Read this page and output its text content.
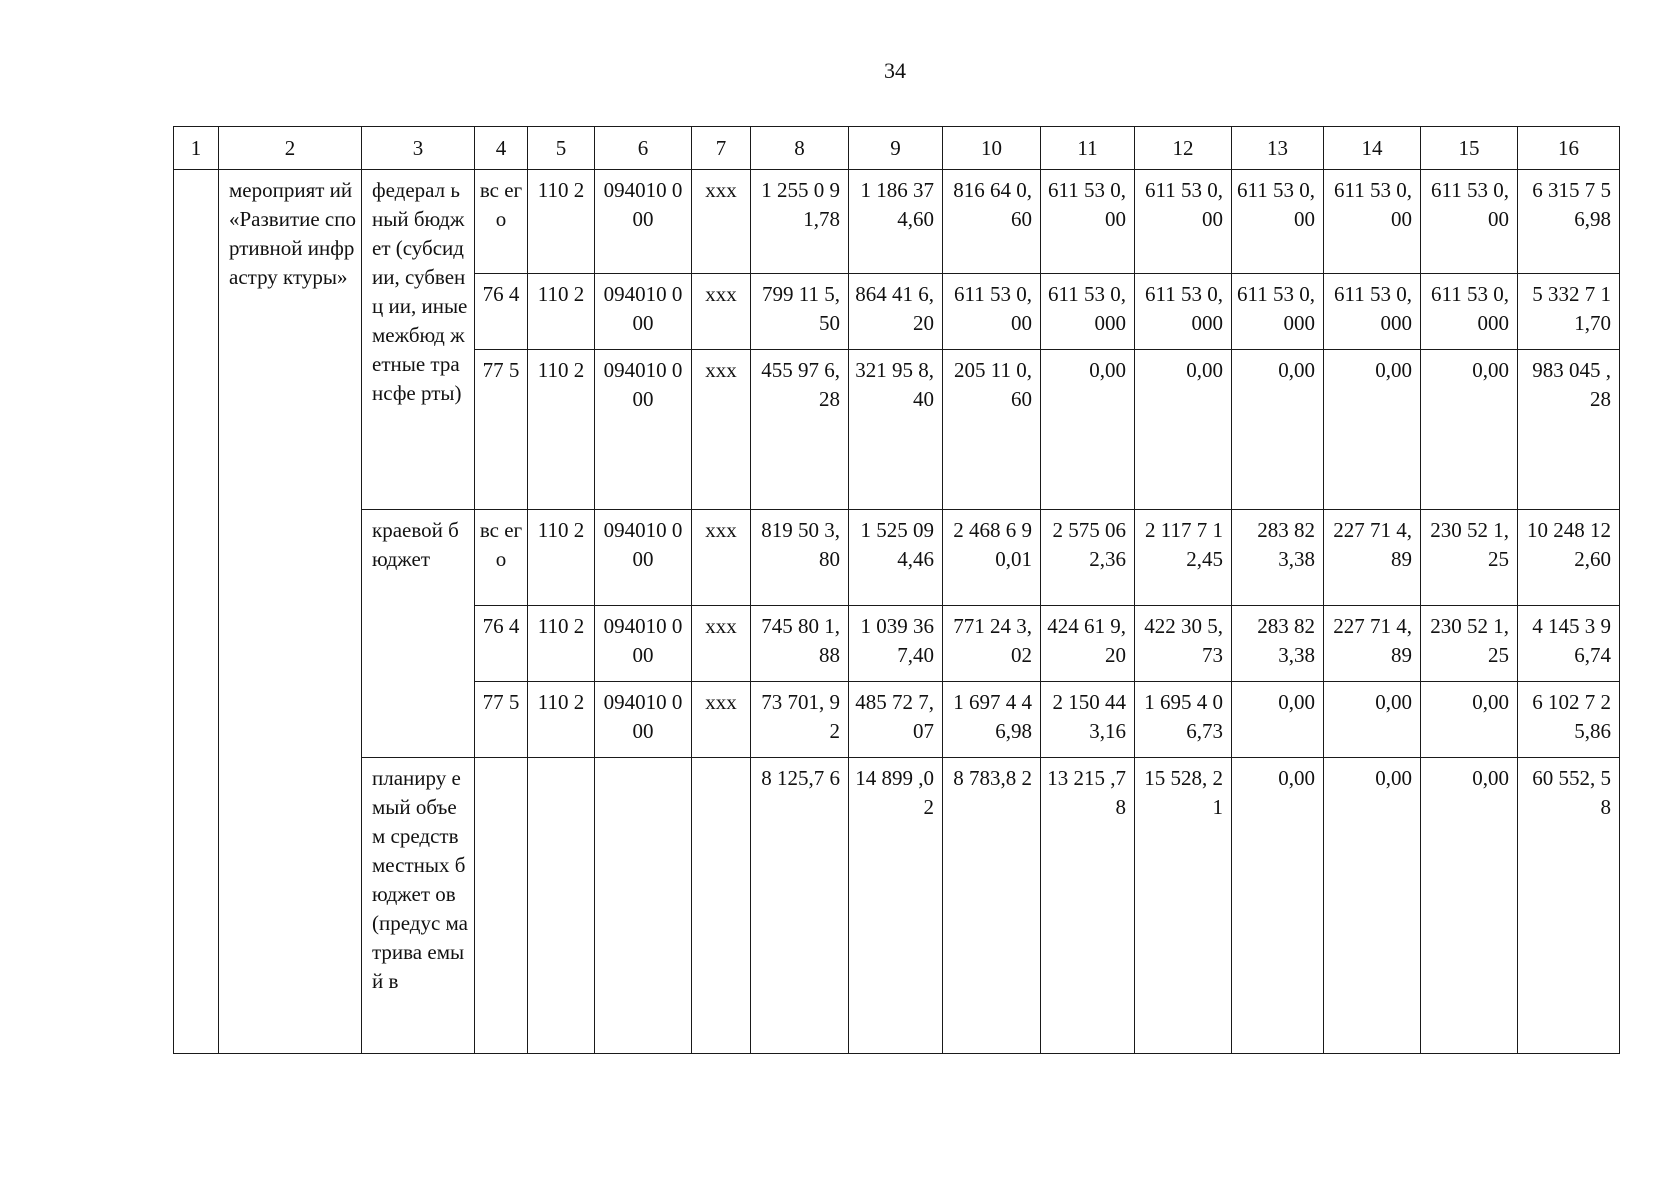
34
1	2	3	4	5	6	7	8	9	10	11	12	13	14	15	16
	мероприят ий «Развитие спортивной инфрастру ктуры»	федерал ьный бюджет (субсид ии, субвенц ии, иные межбюд жетные трансфе рты)	вс ег о	110 2	094010 000	xxx	1 255 0 91,78	1 186 374,60	816 64 0,60	611 53 0,00	611 53 0,00	611 53 0,00	611 53 0,00	611 53 0,00	6 315 7 56,98
			76 4	110 2	094010 000	xxx	799 11 5,50	864 41 6,20	611 53 0,00	611 53 0,000	611 53 0,000	611 53 0,000	611 53 0,000	611 53 0,000	5 332 7 11,70
			77 5	110 2	094010 000	xxx	455 97 6,28	321 95 8,40	205 11 0,60	0,00	0,00	0,00	0,00	0,00	983 045 ,28
		краевой бюджет	вс ег о	110 2	094010 000	xxx	819 50 3,80	1 525 094,46	2 468 6 90,01	2 575 062,36	2 117 7 12,45	283 82 3,38	227 71 4,89	230 52 1,25	10 248 122,60
			76 4	110 2	094010 000	xxx	745 80 1,88	1 039 367,40	771 24 3,02	424 61 9,20	422 30 5,73	283 82 3,38	227 71 4,89	230 52 1,25	4 145 3 96,74
			77 5	110 2	094010 000	xxx	73 701, 92	485 72 7,07	1 697 4 46,98	2 150 443,16	1 695 4 06,73	0,00	0,00	0,00	6 102 7 25,86
		планиру емый объем средств местных бюджет ов (предус матрива емый в					8 125,7 6	14 899 ,02	8 783,8 2	13 215 ,78	15 528, 21	0,00	0,00	0,00	60 552, 58
